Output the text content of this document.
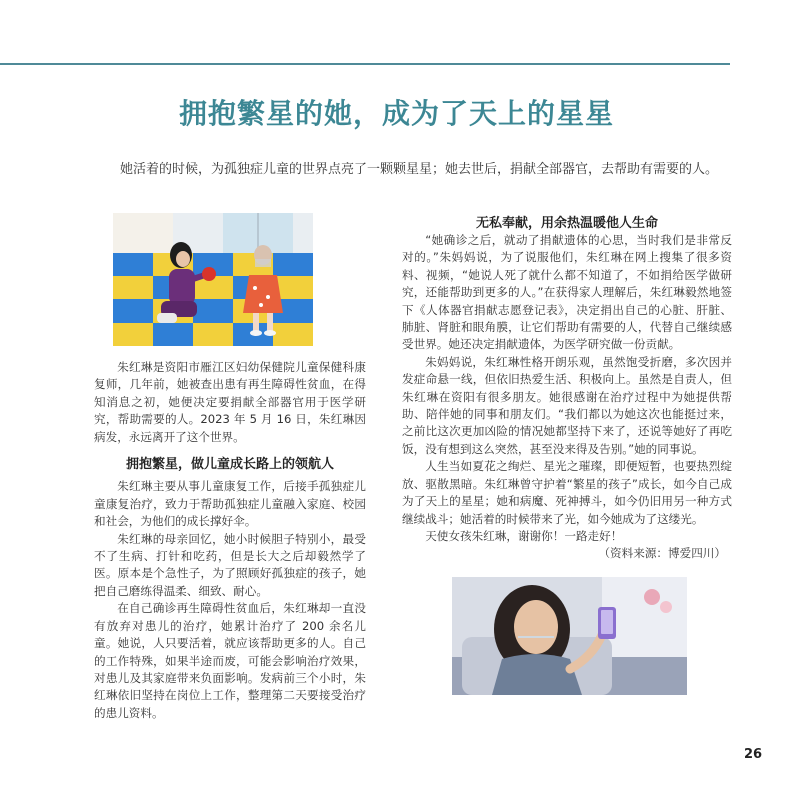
拥抱繁星的她，成为了天上的星星
她活着的时候，为孤独症儿童的世界点亮了一颗颗星星；她去世后，捐献全部器官，去帮助有需要的人。

朱红琳是资阳市雁江区妇幼保健院儿童保健科康复师，几年前，她被查出患有再生障碍性贫血，在得知消息之初，她便决定要捐献全部器官用于医学研究，帮助需要的人。2023 年 5 月 16 日，朱红琳因病发，永远离开了这个世界。

拥抱繁星，做儿童成长路上的领航人

朱红琳主要从事儿童康复工作，后接手孤独症儿童康复治疗，致力于帮助孤独症儿童融入家庭、校园和社会，为他们的成长撑好伞。

朱红琳的母亲回忆，她小时候胆子特别小，最受不了生病、打针和吃药，但是长大之后却毅然学了医。原本是个急性子，为了照顾好孤独症的孩子，她把自己磨练得温柔、细致、耐心。

在自己确诊再生障碍性贫血后，朱红琳却一直没有放弃对患儿的治疗，她累计治疗了 200 余名儿童。她说，人只要活着，就应该帮助更多的人。自己的工作特殊，如果半途而废，可能会影响治疗效果，对患儿及其家庭带来负面影响。发病前三个小时，朱红琳依旧坚持在岗位上工作，整理第二天要接受治疗的患儿资料。

无私奉献，用余热温暖他人生命

“她确诊之后，就动了捐献遗体的心思，当时我们是非常反对的。”朱妈妈说，为了说服他们，朱红琳在网上搜集了很多资料、视频，“她说人死了就什么都不知道了，不如捐给医学做研究，还能帮助到更多的人。”在获得家人理解后，朱红琳毅然地签下《人体器官捐献志愿登记表》，决定捐出自己的心脏、肝脏、肺脏、肾脏和眼角膜，让它们帮助有需要的人，代替自己继续感受世界。她还决定捐献遗体，为医学研究做一份贡献。

朱妈妈说，朱红琳性格开朗乐观，虽然饱受折磨，多次因并发症命悬一线，但依旧热爱生活、积极向上。虽然是自责人，但朱红琳在资阳有很多朋友。她很感谢在治疗过程中为她提供帮助、陪伴她的同事和朋友们。“我们都以为她这次也能挺过来，之前比这次更加凶险的情况她都坚持下来了，还说等她好了再吃饭，没有想到这么突然，甚至没来得及告别。”她的同事说。

人生当如夏花之绚烂、星光之璀璨，即便短暂，也要热烈绽放、驱散黑暗。朱红琳曾守护着“繁星的孩子”成长，如今自己成为了天上的星星；她和病魔、死神搏斗，如今仍旧用另一种方式继续战斗；她活着的时候带来了光，如今她成为了这缕光。

天使女孩朱红琳，谢谢你！一路走好！

（资料来源：博爱四川）

26
